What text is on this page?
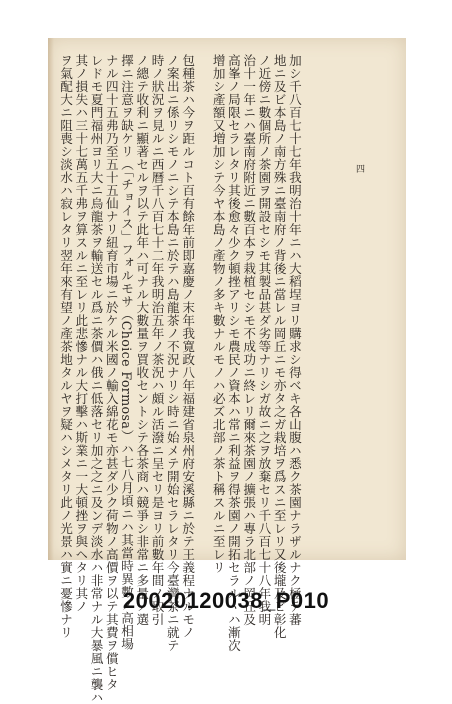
四
加シ千八百七十七年我明治十年ニハ大稻埕ヨリ購求シ得ベキ各山腹ハ悉ク茶園ナラザルナク極テ蕃
地ニ及ビ本島ノ南方殊ニ臺南府ノ背後ニ當レル岡丘ニモ亦タ之ガ栽培ヲ爲スニ至レリ又後壠及ビ彰化
ノ近傍ニ數個所ノ茶園ヲ開設セシモ其製品甚ダ劣等ナリシガ故ニ之ヲ放棄セリ千八百七十八年我明
治十一年ニハ臺南府附近ニ數百本ヲ栽植セシモ不成功ニ終レリ爾來茶園ノ擴張ハ專ラ北部ノ岡丘及
高峯ノ局限セラレタリ其後愈々少ク頓挫アリシモ農民ノ資本ハ常ニ利益ヲ得茶園ノ開拓セラルヽハ漸次
增加シ產額又増加シテ今ヤ本島ノ產物ノ多キ數ナルモノハ必ズ北部ノ茶ト稱スルニ至レリ
包種茶ハ今ヲ距ルコト百有餘年前即嘉慶ノ末年我寛政八年福建省泉州府安溪縣ニ於テ王義程ナルモノ
ノ案出ニ係リシモノニシテ本島ニ於テハ島龍茶ノ不況ナリシ時ニ始メテ開始セラレタリ今臺灣茶ニ就テ
時ノ狀況ヲ見ルニ西曆千八百七十二年我明治五年ノ茶況ハ頗ル活潑ニ呈セリ是ヨリ前數年間ノ取引
ノ總テ收利ニ顯著セルヲ以テ此年ハ可ナル大數量ヲ買收セントシテ各茶商ハ競爭シ非常ニ多量ノ選
擇ニ注意ヲ缺ケリ（「チョイス」フォルモサ（Choice Formosa）ハ七八月頃ニハ其當時異數ノ高相場
ナル四十五弗乃至五十五仙ナリ紐育市場ニ於ケル米國ノ輸入綿花モ亦甚ダ少ク荷物ノ高價ヲ以テ其費ヲ償ヒタ
レドモ夏門福州ヨリ大ニ烏龍茶ヲ輸送セル爲ニ茶價ハ俄ニ低落セリ加之之ニ及ンデ淡水ハ非常ナル大暴風ニ襲ハ
其ノ損失ハ三十七萬五千弗ヲ算スルニ至レリ此悲慘ナル大打擊ハ斯業ニ一大頓挫ヲ與ヘタリ其ノ
ヲ氣配大ニ阻喪シ淡水ハ寂レタリ翌年來有望ノ產茶地タルヤヲ疑ハシメタリ此ノ光景ハ實ニ憂慘ナリ	20020120038_P010
